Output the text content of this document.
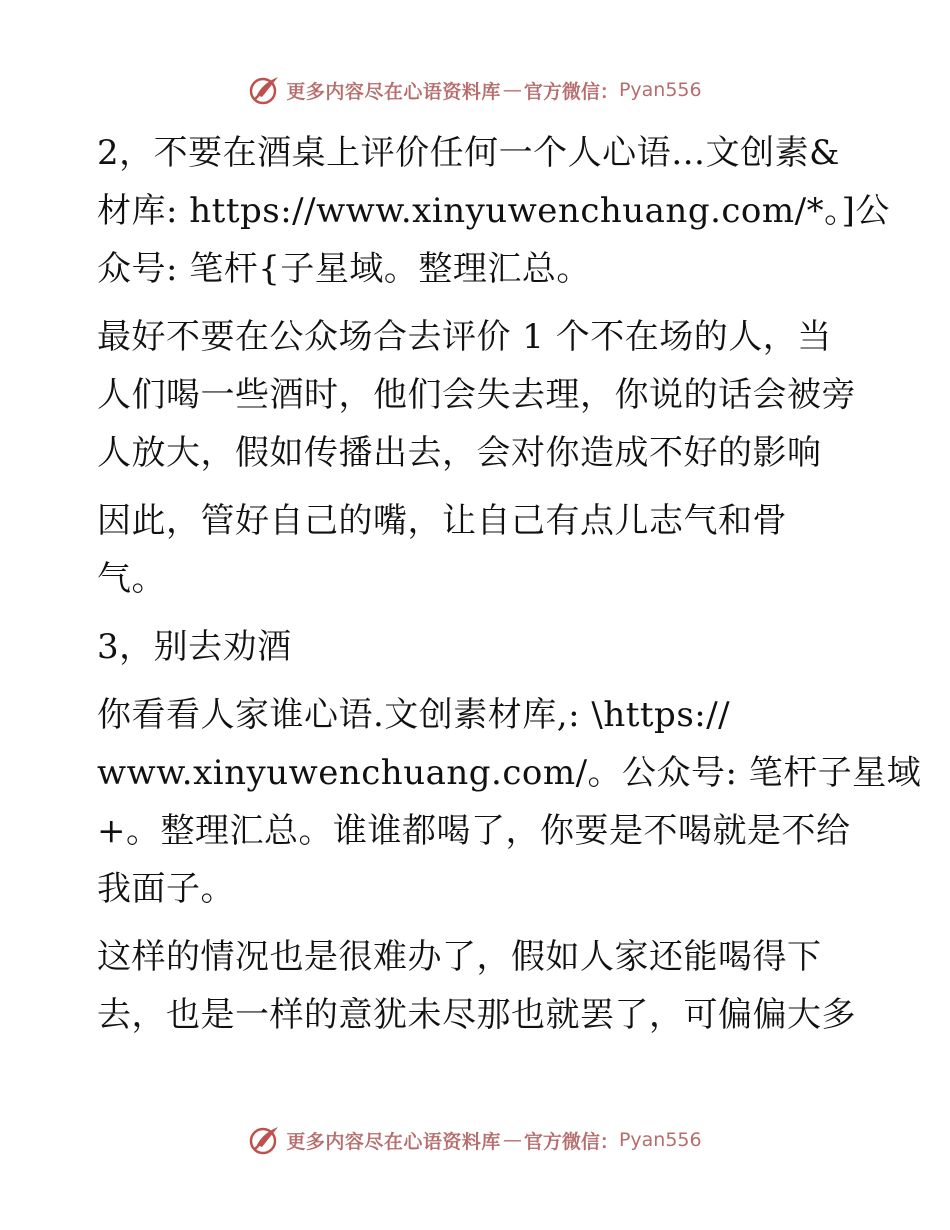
更多内容尽在心语资料库 — 官方微信： Pyan556
2，不要在酒桌上评价任何一个人心语…文创素&
材库: https://www.xinyuwenchuang.com/*。]公
众号: 笔杆{子星域。整理汇总。
最好不要在公众场合去评价 1 个不在场的人，当
人们喝一些酒时，他们会失去理，你说的话会被旁
人放大，假如传播出去，会对你造成不好的影响
因此，管好自己的嘴，让自己有点儿志气和骨
气。
3，别去劝酒
你看看人家谁心语.文创素材库,: \https://
www.xinyuwenchuang.com/。公众号: 笔杆子星域
+。整理汇总。谁谁都喝了，你要是不喝就是不给
我面子。
这样的情况也是很难办了，假如人家还能喝得下
去，也是一样的意犹未尽那也就罢了，可偏偏大多
更多内容尽在心语资料库 — 官方微信： Pyan556
